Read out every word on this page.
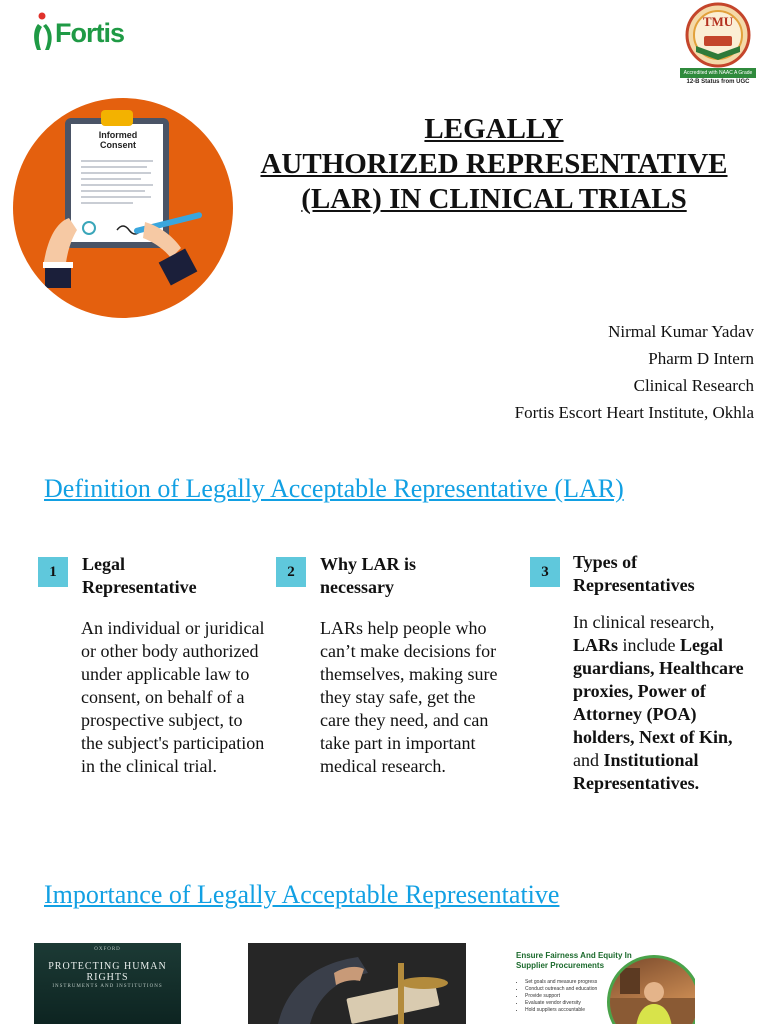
Fortis	TMU
Accredited with NAAC A Grade
12-B Status from UGC
Informed Consent	LEGALLY
AUTHORIZED REPRESENTATIVE
(LAR) IN CLINICAL TRIALS
Nirmal Kumar Yadav
Pharm D Intern
Clinical Research
Fortis Escort Heart Institute, Okhla
Definition of Legally Acceptable Representative (LAR)
1	Legal Representative
An individual or juridical or other body authorized under applicable law to consent, on behalf of a prospective subject, to the subject's participation in the clinical trial.
2	Why LAR is necessary
LARs help people who can’t make decisions for themselves, making sure they stay safe, get the care they need, and can take part in important medical research.
3	Types of Representatives
In clinical research, LARs include Legal guardians, Healthcare proxies, Power of Attorney (POA) holders, Next of Kin, and Institutional Representatives.
Importance of Legally Acceptable Representative
OXFORD
PROTECTING HUMAN RIGHTS
INSTRUMENTS AND INSTITUTIONS
Ensure Fairness And Equity In Supplier Procurements
• Set goals and measure progress
• Conduct outreach and education
• Provide support
• Evaluate vendor diversity
• Hold suppliers accountable
